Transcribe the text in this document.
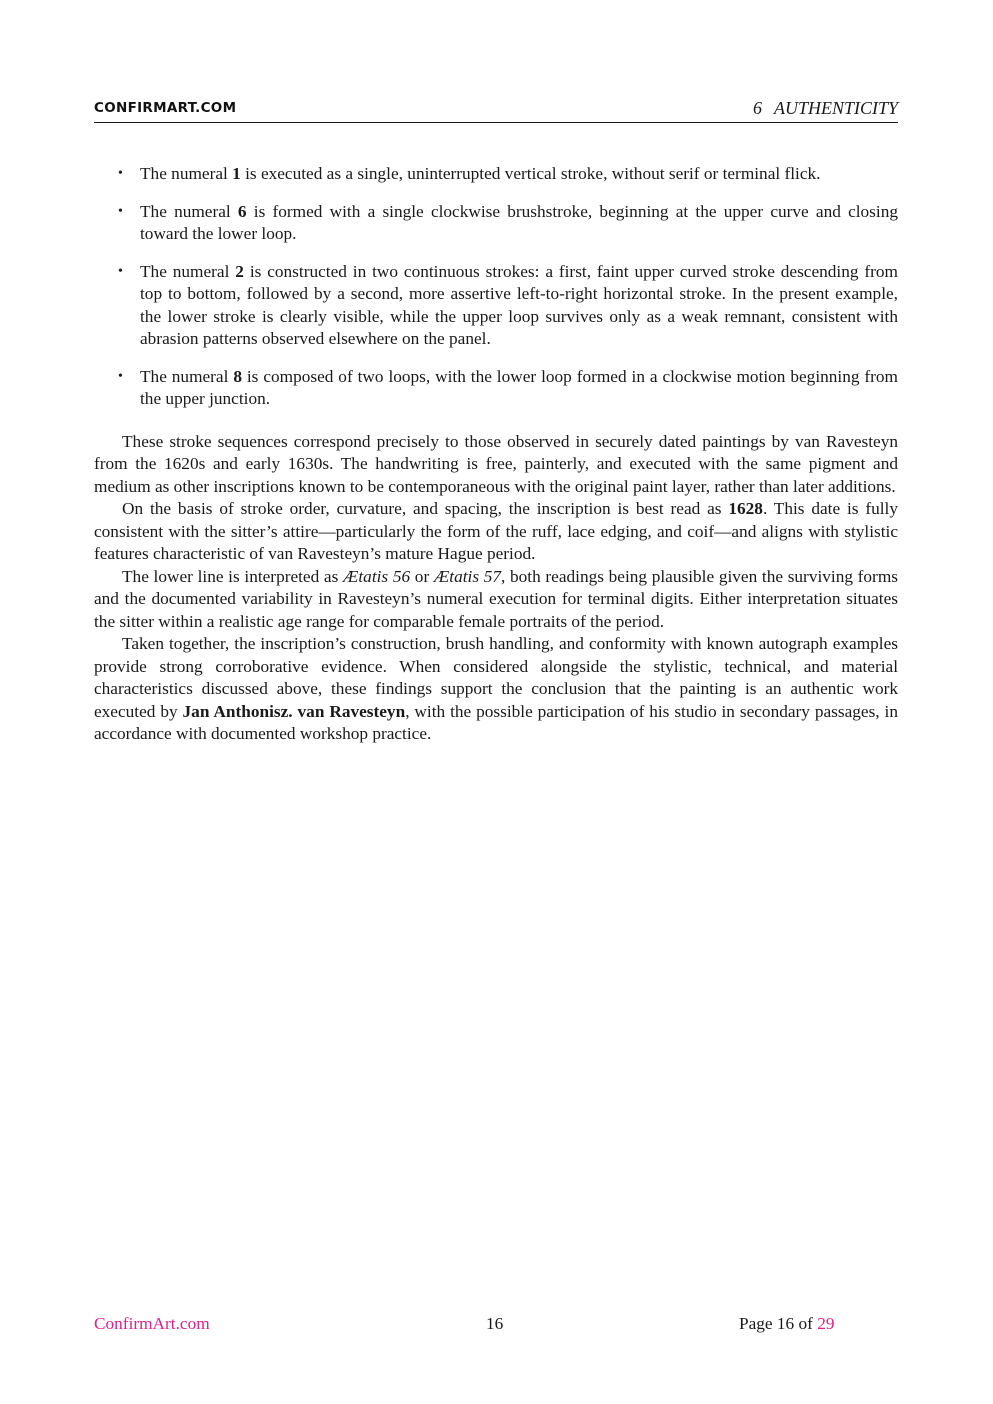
CONFIRMART.COM	6 AUTHENTICITY
• The numeral 1 is executed as a single, uninterrupted vertical stroke, without serif or terminal flick.
• The numeral 6 is formed with a single clockwise brushstroke, beginning at the upper curve and closing toward the lower loop.
• The numeral 2 is constructed in two continuous strokes: a first, faint upper curved stroke descending from top to bottom, followed by a second, more assertive left-to-right horizontal stroke. In the present example, the lower stroke is clearly visible, while the upper loop survives only as a weak remnant, consistent with abrasion patterns observed elsewhere on the panel.
• The numeral 8 is composed of two loops, with the lower loop formed in a clockwise motion beginning from the upper junction.

These stroke sequences correspond precisely to those observed in securely dated paintings by van Ravesteyn from the 1620s and early 1630s. The handwriting is free, painterly, and executed with the same pigment and medium as other inscriptions known to be contemporaneous with the original paint layer, rather than later additions.

On the basis of stroke order, curvature, and spacing, the inscription is best read as 1628. This date is fully consistent with the sitter’s attire—particularly the form of the ruff, lace edging, and coif—and aligns with stylistic features characteristic of van Ravesteyn’s mature Hague period.

The lower line is interpreted as Ætatis 56 or Ætatis 57, both readings being plausible given the surviving forms and the documented variability in Ravesteyn’s numeral execution for terminal digits. Either interpretation situates the sitter within a realistic age range for comparable female portraits of the period.

Taken together, the inscription’s construction, brush handling, and conformity with known autograph examples provide strong corroborative evidence. When considered alongside the stylistic, technical, and material characteristics discussed above, these findings support the conclusion that the painting is an authentic work executed by Jan Anthonisz. van Ravesteyn, with the possible participation of his studio in secondary passages, in accordance with documented workshop practice.

ConfirmArt.com	16	Page 16 of 29
